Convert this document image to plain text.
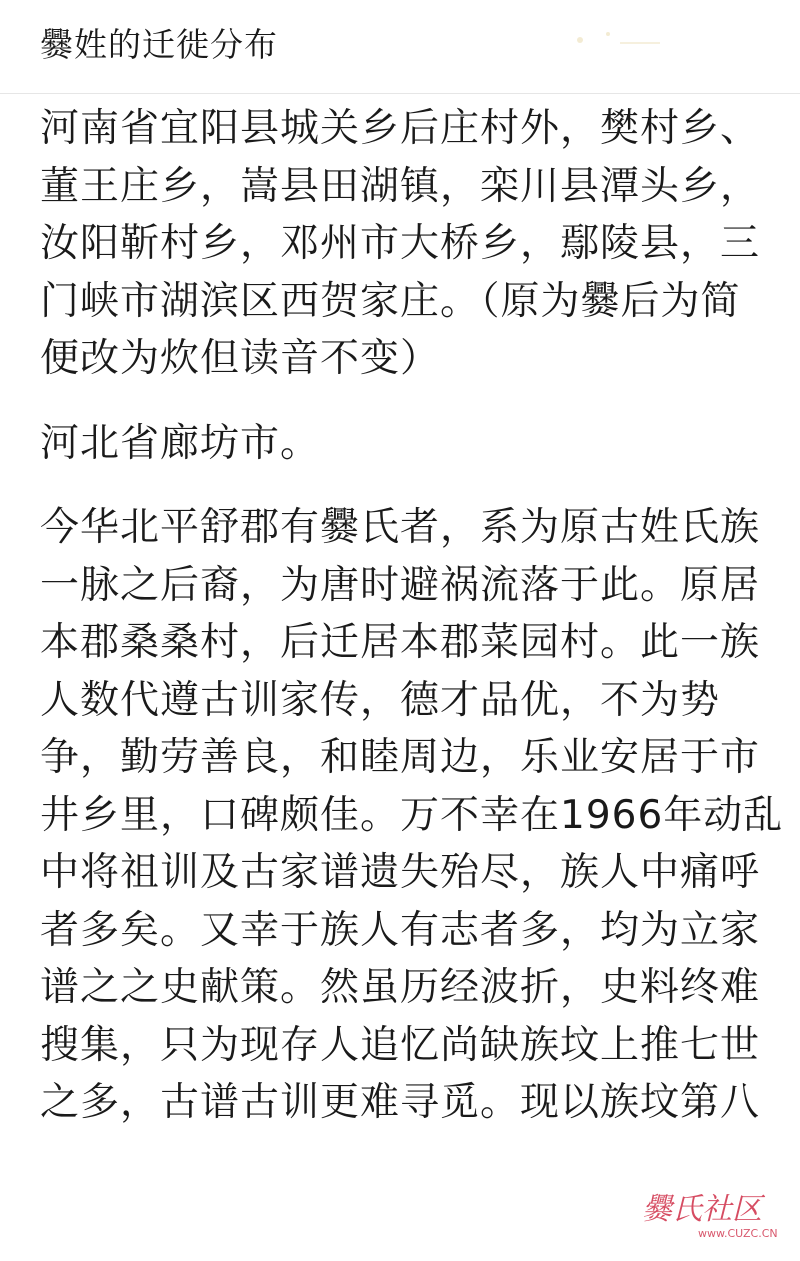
爨姓的迁徙分布
河南省宜阳县城关乡后庄村外，樊村乡、
董王庄乡，嵩县田湖镇，栾川县潭头乡，
汝阳靳村乡，邓州市大桥乡，鄢陵县，三
门峡市湖滨区西贺家庄。（原为爨后为简
便改为炊但读音不变）
河北省廊坊市。
今华北平舒郡有爨氏者，系为原古姓氏族
一脉之后裔，为唐时避祸流落于此。原居
本郡桑桑村，后迁居本郡菜园村。此一族
人数代遵古训家传，德才品优，不为势
争，勤劳善良，和睦周边，乐业安居于市
井乡里，口碑颇佳。万不幸在1966年动乱
中将祖训及古家谱遗失殆尽，族人中痛呼
者多矣。又幸于族人有志者多，均为立家
谱之之史献策。然虽历经波折，史料终难
搜集，只为现存人追忆尚缺族坟上推七世
之多，古谱古训更难寻觅。现以族坟第八
爨氏社区
www.CUZC.CN
